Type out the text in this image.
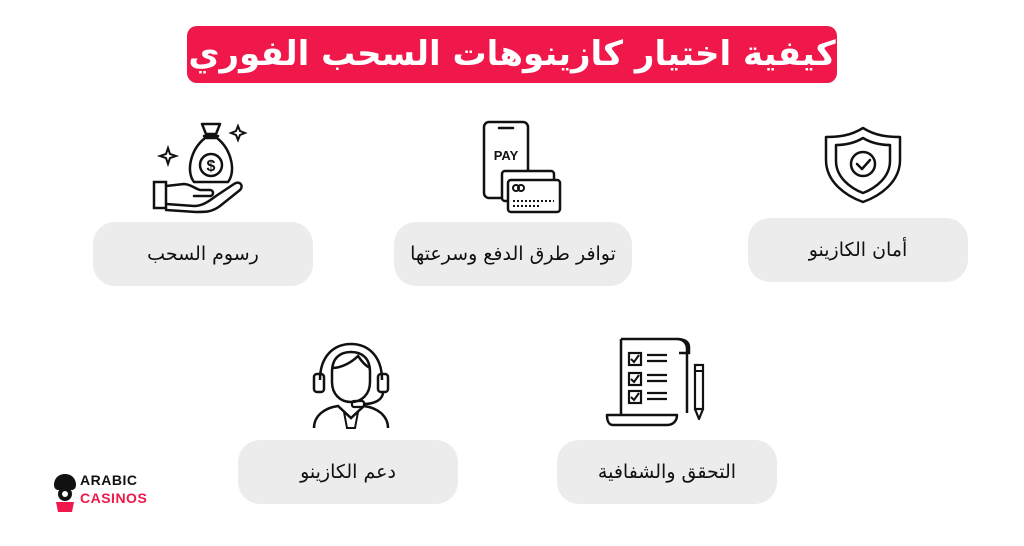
كيفية اختيار كازينوهات السحب الفوري
PAY
$
أمان الكازينو
توافر طرق الدفع وسرعتها
رسوم السحب
التحقق والشفافية
دعم الكازينو
ARABIC
CASINOS
